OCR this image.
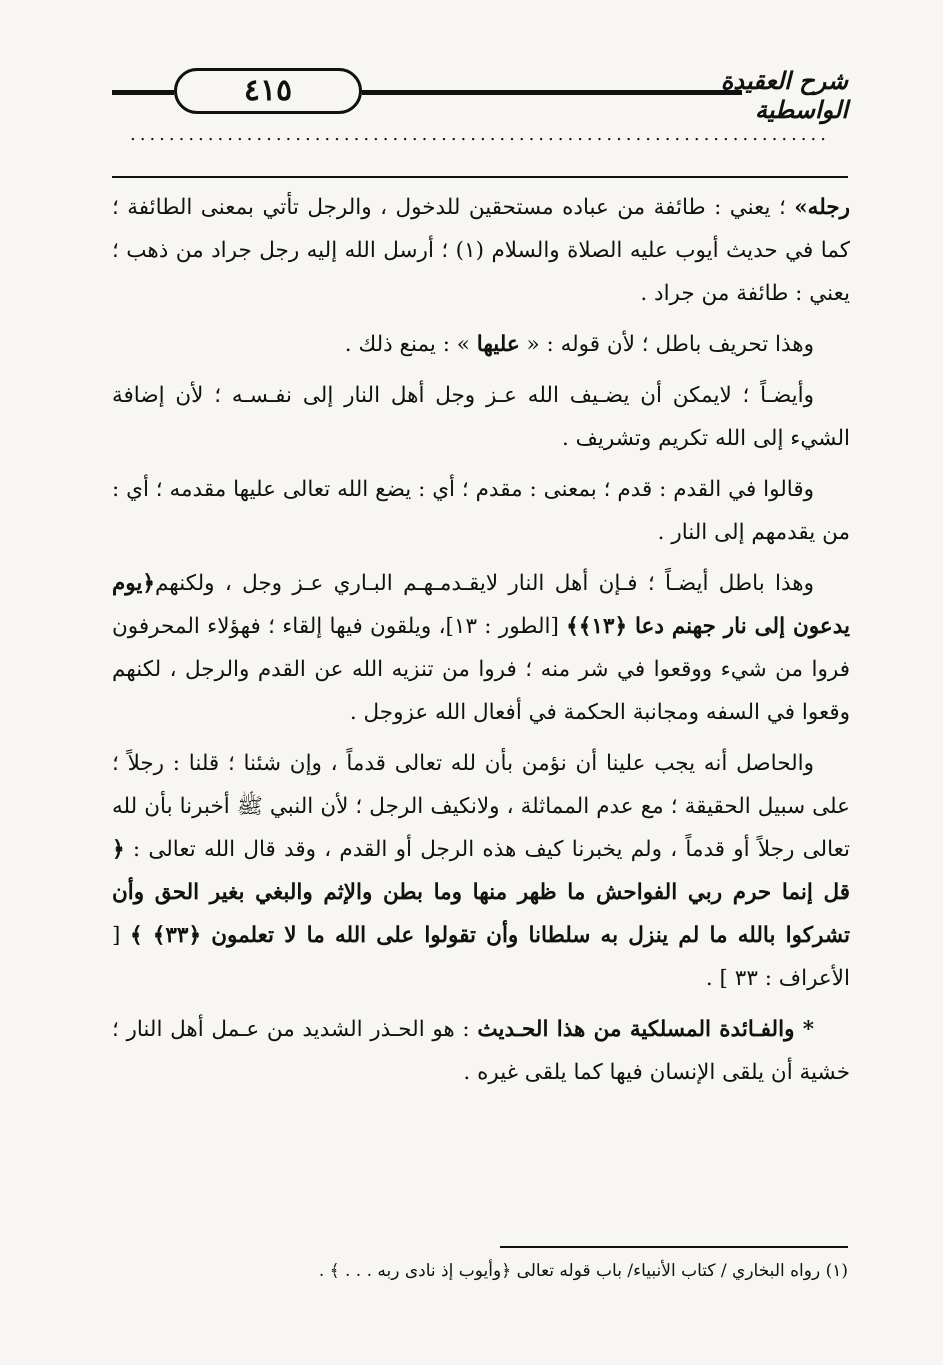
٤١٥	شرح العقيدة الواسطية
........................................................................

رجله» ؛ يعني : طائفة من عباده مستحقين للدخول ، والرجل تأتي بمعنى الطائفة ؛ كما في حديث أيوب عليه الصلاة والسلام (١) ؛ أرسل الله إليه رجل جراد من ذهب ؛ يعني : طائفة من جراد .

وهذا تحريف باطل ؛ لأن قوله : « عليها » : يمنع ذلك .

وأيضـاً ؛ لايمكن أن يضـيف الله عـز وجل أهل النار إلى نفـسـه ؛ لأن إضافة الشيء إلى الله تكريم وتشريف .

وقالوا في القدم : قدم ؛ بمعنى : مقدم ؛ أي : يضع الله تعالى عليها مقدمه ؛ أي : من يقدمهم إلى النار .

وهذا باطل أيضـاً ؛ فـإن أهل النار لايقـدمـهـم البـاري عـز وجل ، ولكنهم﴿يوم يدعون إلى نار جهنم دعا ﴿١٣﴾﴾ [الطور : ١٣]، ويلقون فيها إلقاء ؛ فهؤلاء المحرفون فروا من شيء ووقعوا في شر منه ؛ فروا من تنزيه الله عن القدم والرجل ، لكنهم وقعوا في السفه ومجانبة الحكمة في أفعال الله عزوجل .

والحاصل أنه يجب علينا أن نؤمن بأن لله تعالى قدماً ، وإن شئنا ؛ قلنا : رجلاً ؛ على سبيل الحقيقة ؛ مع عدم المماثلة ، ولانكيف الرجل ؛ لأن النبي ﷺ أخبرنا بأن لله تعالى رجلاً أو قدماً ، ولم يخبرنا كيف هذه الرجل أو القدم ، وقد قال الله تعالى : ﴿ قل إنما حرم ربي الفواحش ما ظهر منها وما بطن والإثم والبغي بغير الحق وأن تشركوا بالله ما لم ينزل به سلطانا وأن تقولوا على الله ما لا تعلمون ﴿٣٣﴾ ﴾ [ الأعراف : ٣٣ ] .

* والفـائدة المسلكية من هذا الحـديث : هو الحـذر الشديد من عـمل أهل النار ؛ خشية أن يلقى الإنسان فيها كما يلقى غيره .

(١) رواه البخاري / كتاب الأنبياء/ باب قوله تعالى ﴿وأيوب إذ نادى ربه . . . ﴾ .
